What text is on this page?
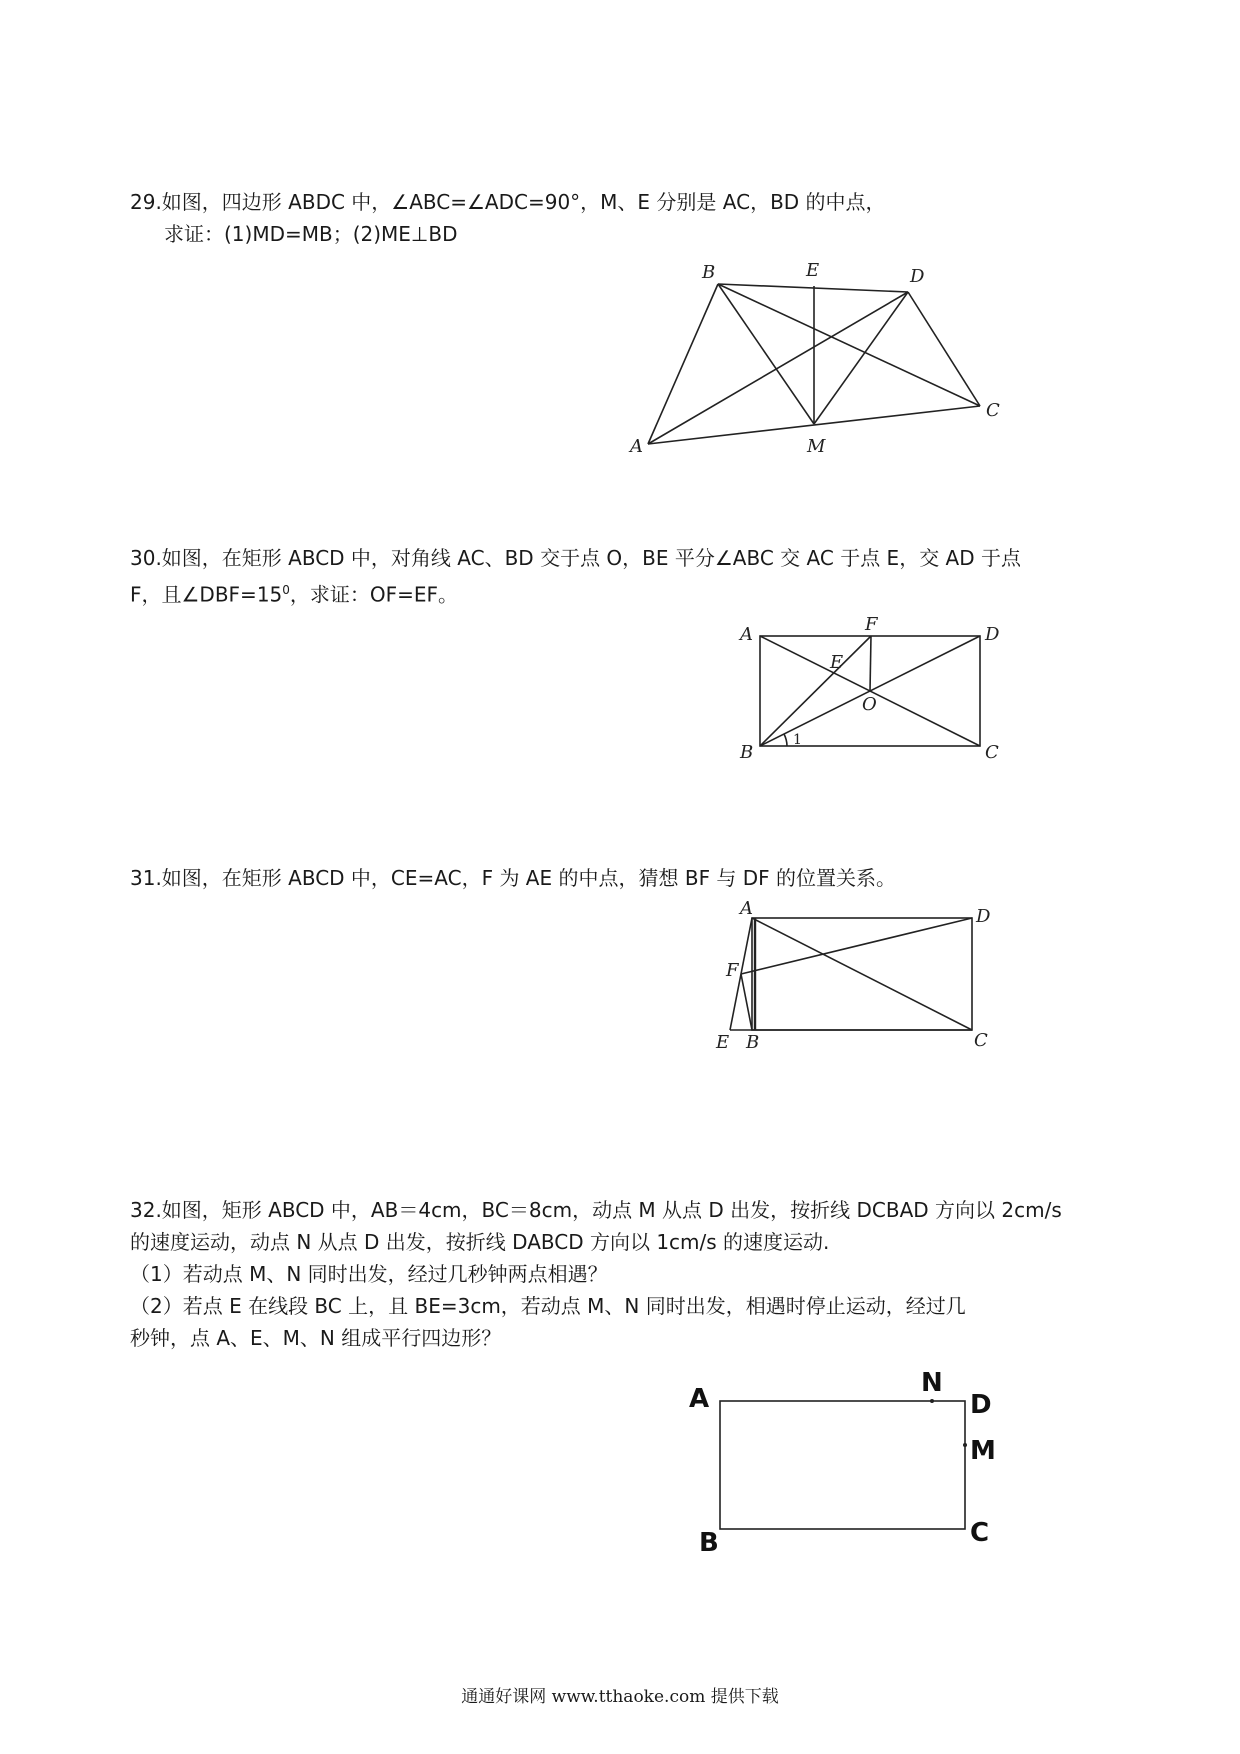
29.如图，四边形 ABDC 中，∠ABC=∠ADC=90°，M、E 分别是 AC，BD 的中点，
求证：(1)MD=MB；(2)ME⊥BD
B	E	D
C
A	M
30.如图，在矩形 ABCD 中，对角线 AC、BD 交于点 O，BE 平分∠ABC 交 AC 于点 E，交 AD 于点
F，且$\angle DBF=15^0$，求证：OF=EF。
A	F	D
E
O
B	C
1
31.如图，在矩形 ABCD 中，CE=AC，F 为 AE 的中点，猜想 BF 与 DF 的位置关系。
A	D
F
E B	C
32.如图，矩形 ABCD 中，AB＝4cm，BC＝8cm，动点 M 从点 D 出发，按折线 DCBAD 方向以 2cm/s
的速度运动，动点 N 从点 D 出发，按折线 DABCD 方向以 1cm/s 的速度运动.
（1）若动点 M、N 同时出发，经过几秒钟两点相遇？
（2）若点 E 在线段 BC 上，且 BE=3cm，若动点 M、N 同时出发，相遇时停止运动，经过几
秒钟，点 A、E、M、N 组成平行四边形？
A
N
D
M
B	C
通通好课网 www.tthaoke.com 提供下载
